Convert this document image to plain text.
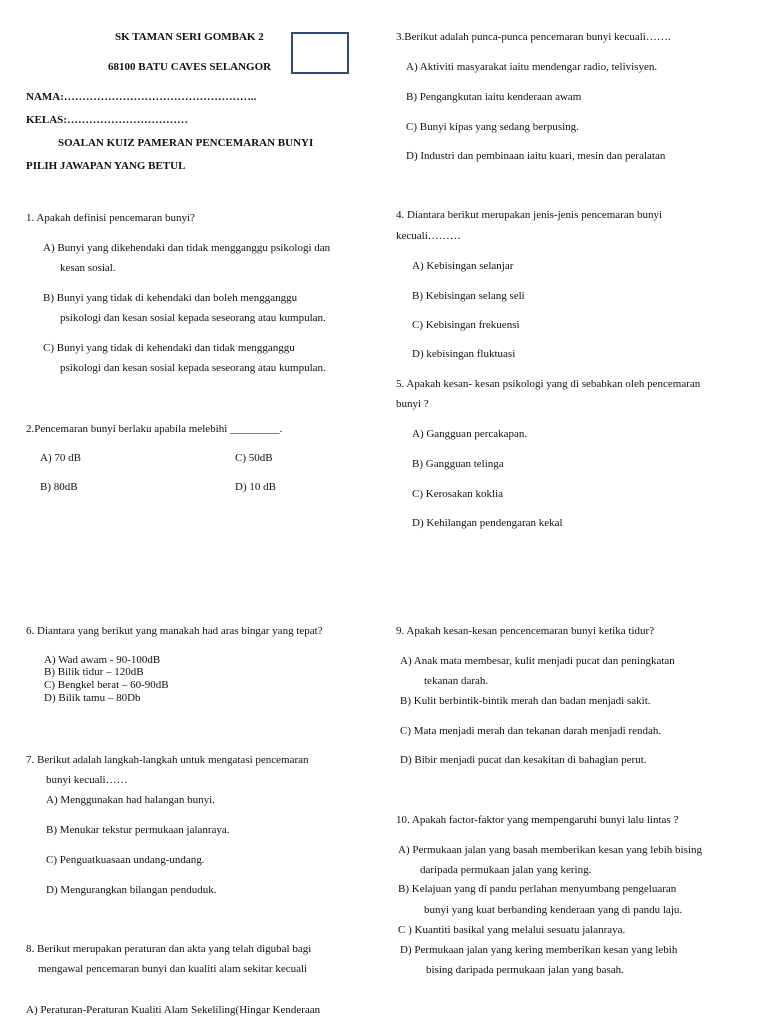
SK TAMAN SERI GOMBAK 2
68100 BATU CAVES SELANGOR
NAMA:……………………………………………..
KELAS:……………………………
SOALAN KUIZ PAMERAN PENCEMARAN BUNYI
PILIH JAWAPAN YANG BETUL
1. Apakah definisi pencemaran bunyi?
A) Bunyi yang dikehendaki dan tidak mengganggu psikologi dan
kesan sosial.
B) Bunyi yang tidak di kehendaki dan boleh mengganggu
psikologi dan kesan sosial kepada seseorang atau kumpulan.
C) Bunyi yang tidak di kehendaki dan tidak mengganggu
psikologi dan kesan sosial kepada seseorang atau kumpulan.
2.Pencemaran bunyi berlaku apabila melebihi _________.
A) 70 dB	C) 50dB
B) 80dB	D) 10 dB
3.Berikut adalah punca-punca pencemaran bunyi kecuali…….
A) Aktiviti masyarakat iaitu mendengar radio, telivisyen.
B) Pengangkutan iaitu kenderaan awam
C) Bunyi kipas yang sedang berpusing.
D) Industri dan pembinaan iaitu kuari, mesin dan peralatan
4. Diantara berikut merupakan jenis-jenis pencemaran bunyi
kecuali………
A) Kebisingan selanjar
B) Kebisingan selang seli
C) Kebisingan frekuensi
D) kebisingan fluktuasi
5. Apakah kesan- kesan psikologi yang di sebabkan oleh pencemaran
bunyi ?
A) Gangguan percakapan.
B) Gangguan telinga
C) Kerosakan koklia
D) Kehilangan pendengaran kekal
6. Diantara yang berikut yang manakah had aras bingar yang tepat?
A) Wad awam - 90-100dB
B) Bilik tidur – 120dB
C) Bengkel berat – 60-90dB
D) Bilik tamu – 80Db
7. Berikut adalah langkah-langkah untuk mengatasi pencemaran
bunyi kecuali……
A) Menggunakan had halangan bunyi.
B) Menukar tekstur permukaan jalanraya.
C) Penguatkuasaan undang-undang.
D) Mengurangkan bilangan penduduk.
8. Berikut merupakan peraturan dan akta yang telah digubal bagi
mengawal pencemaran bunyi dan kualiti alam sekitar kecuali
A) Peraturan-Peraturan Kualiti Alam Sekeliling(Hingar Kenderaan
9. Apakah kesan-kesan pencencemaran bunyi ketika tidur?
A) Anak mata membesar, kulit menjadi pucat dan peningkatan
tekanan darah.
B) Kulit berbintik-bintik merah dan badan menjadi sakit.
C) Mata menjadi merah dan tekanan darah menjadi rendah.
D) Bibir menjadi pucat dan kesakitan di bahagian perut.
10. Apakah factor-faktor yang mempengaruhi bunyi lalu lintas ?
A) Permukaan jalan yang basah memberikan kesan yang lebih bising
daripada permukaan jalan yang kering.
B) Kelajuan yang di pandu perlahan menyumbang pengeluaran
bunyi yang kuat berbanding kenderaan yang di pandu laju.
C ) Kuantiti basikal yang melalui sesuatu jalanraya.
D) Permukaan jalan yang kering memberikan kesan yang lebih
bising daripada permukaan jalan yang basah.
